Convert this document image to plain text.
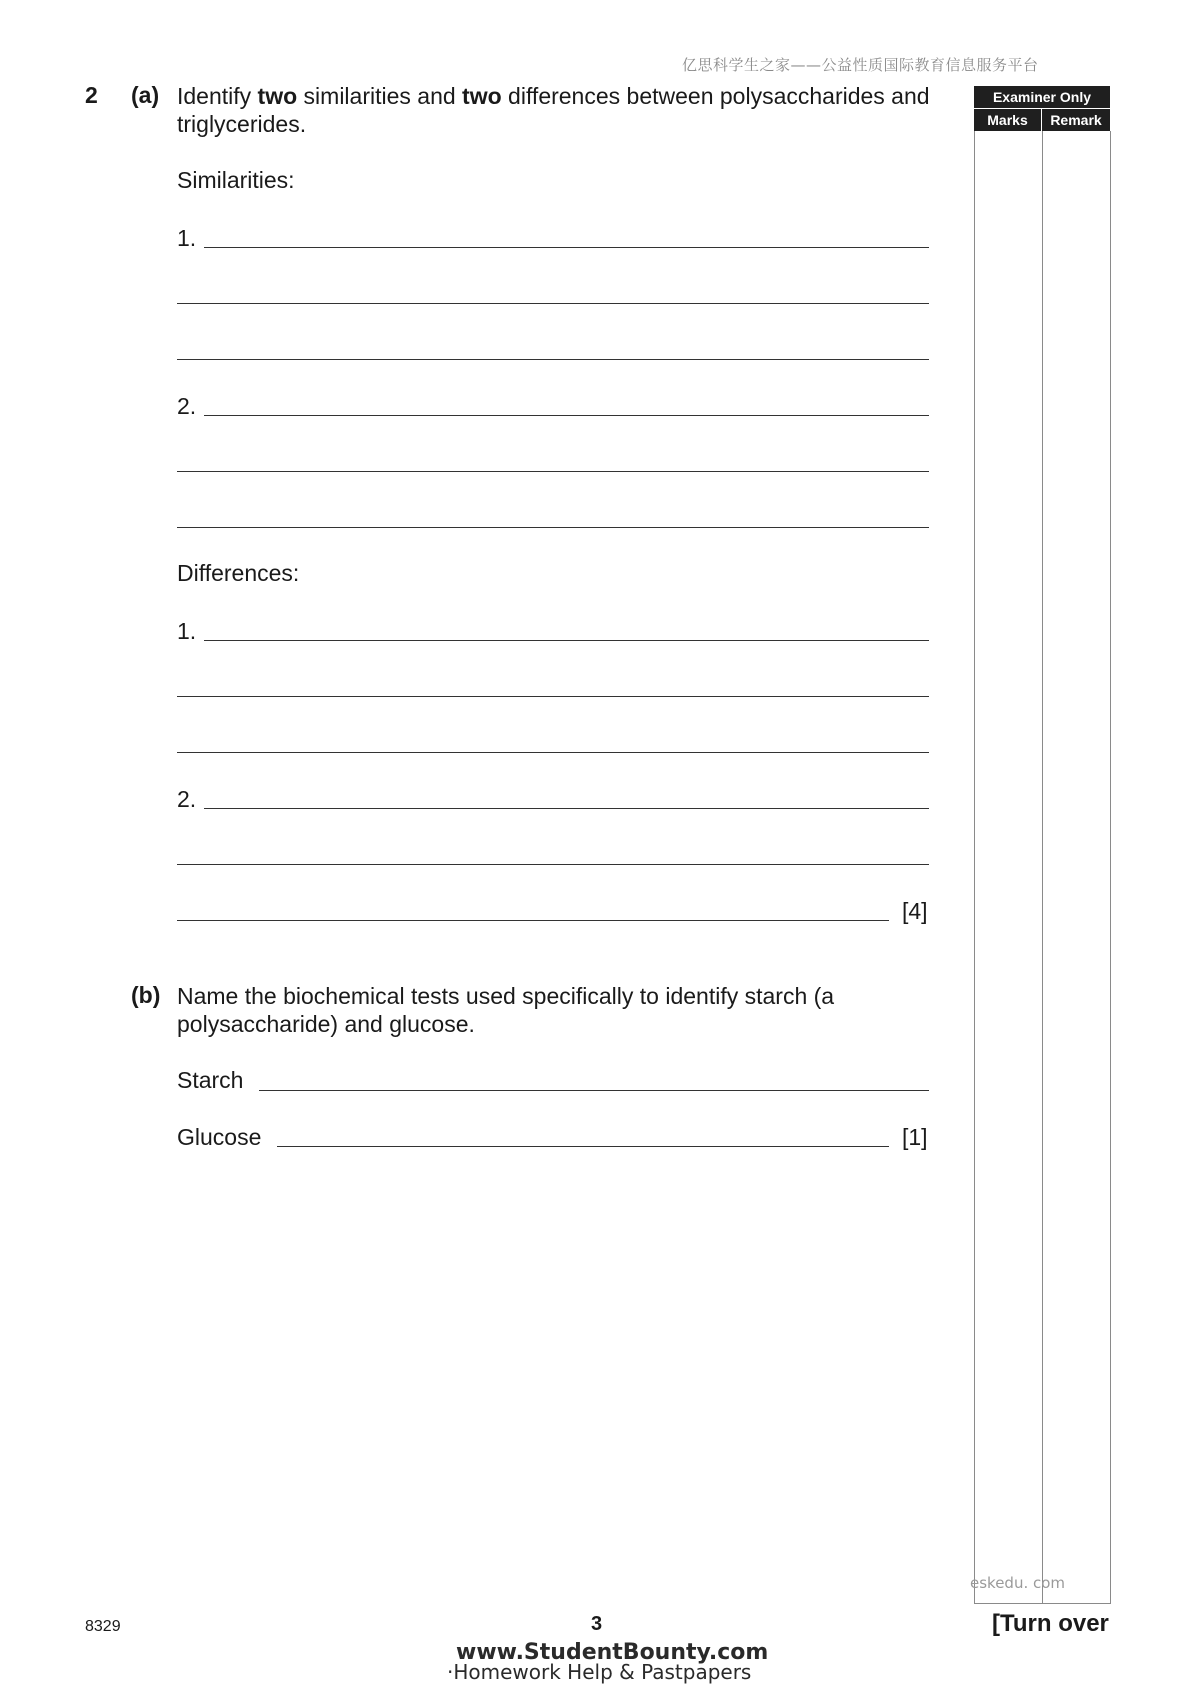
亿思科学生之家——公益性质国际教育信息服务平台
2 (a) Identify two similarities and two differences between polysaccharides and triglycerides.
Similarities:
1.
2.
Differences:
1.
2.
[4]
(b) Name the biochemical tests used specifically to identify starch (a polysaccharide) and glucose.
Starch
Glucose	[1]
Examiner Only
Marks	Remark
eskedu. com
8329	3	[Turn over
www.StudentBounty.com
·Homework Help & Pastpapers
